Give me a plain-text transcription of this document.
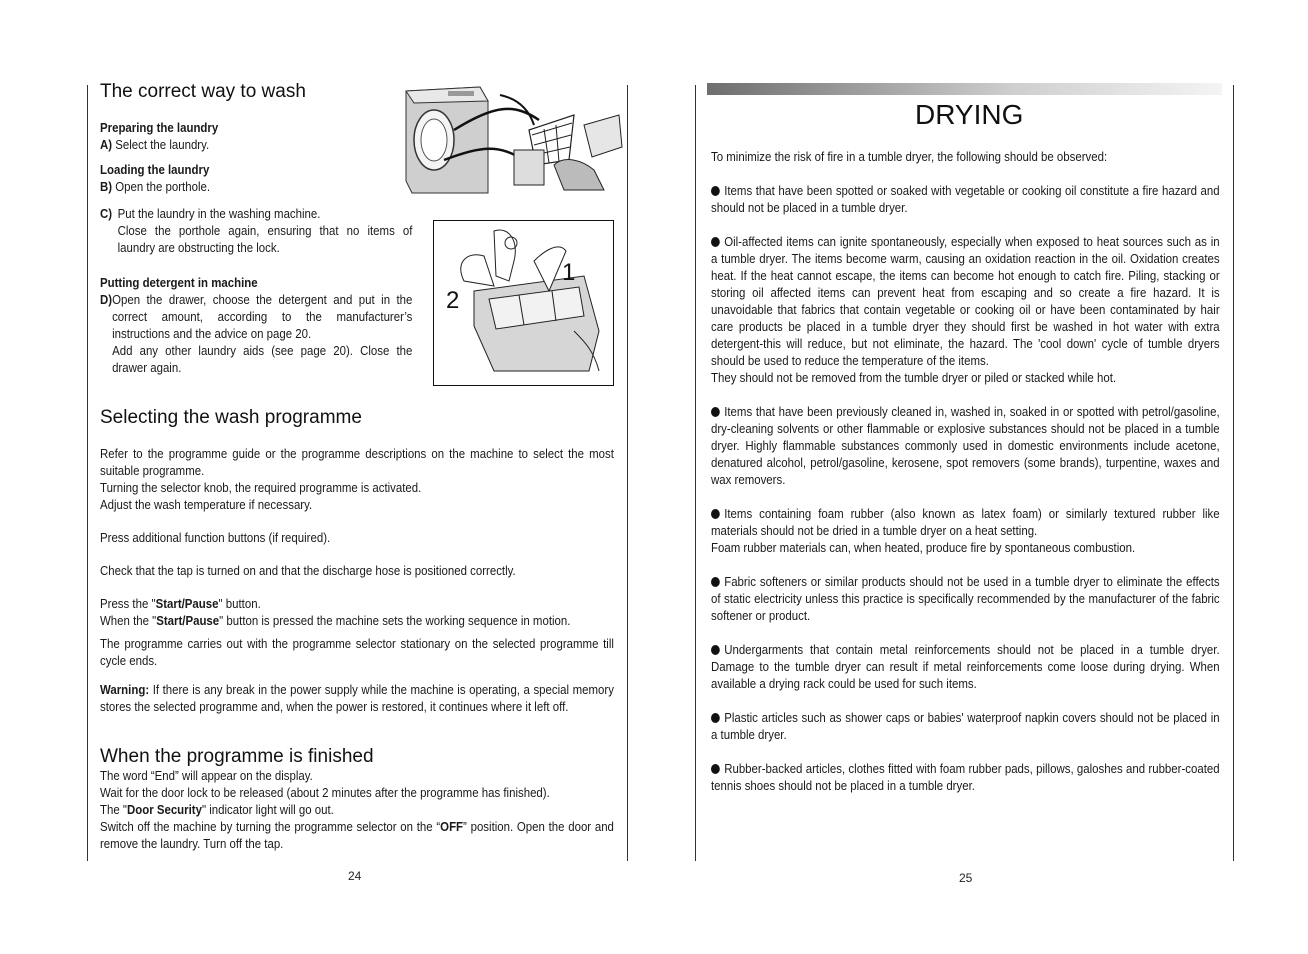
The correct way to wash
Preparing the laundry
A) Select the laundry.
Loading the laundry
B) Open the porthole.
C) Put the laundry in the washing machine.
Close the porthole again, ensuring that no items of laundry are obstructing the lock.
Putting detergent in machine
D) Open the drawer, choose the detergent and put in the correct amount, according to the manufacturer’s instructions and the advice on page 20.
Add any other laundry aids (see page 20). Close the drawer again.
1
2
Selecting the wash programme
Refer to the programme guide or the programme descriptions on the machine to select the most suitable programme.
Turning the selector knob, the required programme is activated.
Adjust the wash temperature if necessary.
Press additional function buttons (if required).
Check that the tap is turned on and that the discharge hose is positioned correctly.
Press the "Start/Pause" button.
When the "Start/Pause" button is pressed the machine sets the working sequence in motion.
The programme carries out with the programme selector stationary on the selected programme till cycle ends.
Warning: If there is any break in the power supply while the machine is operating, a special memory stores the selected programme and, when the power is restored, it continues where it left off.
When the programme is finished
The word “End” will appear on the display.
Wait for the door lock to be released (about 2 minutes after the programme has finished).
The "Door Security" indicator light will go out.
Switch off the machine by turning the programme selector on the “OFF” position. Open the door and remove the laundry. Turn off the tap.
24
DRYING
To minimize the risk of fire in a tumble dryer, the following should be observed:
Items that have been spotted or soaked with vegetable or cooking oil constitute a fire hazard and should not be placed in a tumble dryer.
Oil-affected items can ignite spontaneously, especially when exposed to heat sources such as in a tumble dryer. The items become warm, causing an oxidation reaction in the oil. Oxidation creates heat. If the heat cannot escape, the items can become hot enough to catch fire. Piling, stacking or storing oil affected items can prevent heat from escaping and so create a fire hazard. It is unavoidable that fabrics that contain vegetable or cooking oil or have been contaminated by hair care products be placed in a tumble dryer they should first be washed in hot water with extra detergent-this will reduce, but not eliminate, the hazard. The 'cool down' cycle of tumble dryers should be used to reduce the temperature of the items.
They should not be removed from the tumble dryer or piled or stacked while hot.
Items that have been previously cleaned in, washed in, soaked in or spotted with petrol/gasoline, dry-cleaning solvents or other flammable or explosive substances should not be placed in a tumble dryer. Highly flammable substances commonly used in domestic environments include acetone, denatured alcohol, petrol/gasoline, kerosene, spot removers (some brands), turpentine, waxes and wax removers.
Items containing foam rubber (also known as latex foam) or similarly textured rubber like materials should not be dried in a tumble dryer on a heat setting.
Foam rubber materials can, when heated, produce fire by spontaneous combustion.
Fabric softeners or similar products should not be used in a tumble dryer to eliminate the effects of static electricity unless this practice is specifically recommended by the manufacturer of the fabric softener or product.
Undergarments that contain metal reinforcements should not be placed in a tumble dryer. Damage to the tumble dryer can result if metal reinforcements come loose during drying. When available a drying rack could be used for such items.
Plastic articles such as shower caps or babies' waterproof napkin covers should not be placed in a tumble dryer.
Rubber-backed articles, clothes fitted with foam rubber pads, pillows, galoshes and rubber-coated tennis shoes should not be placed in a tumble dryer.
25
